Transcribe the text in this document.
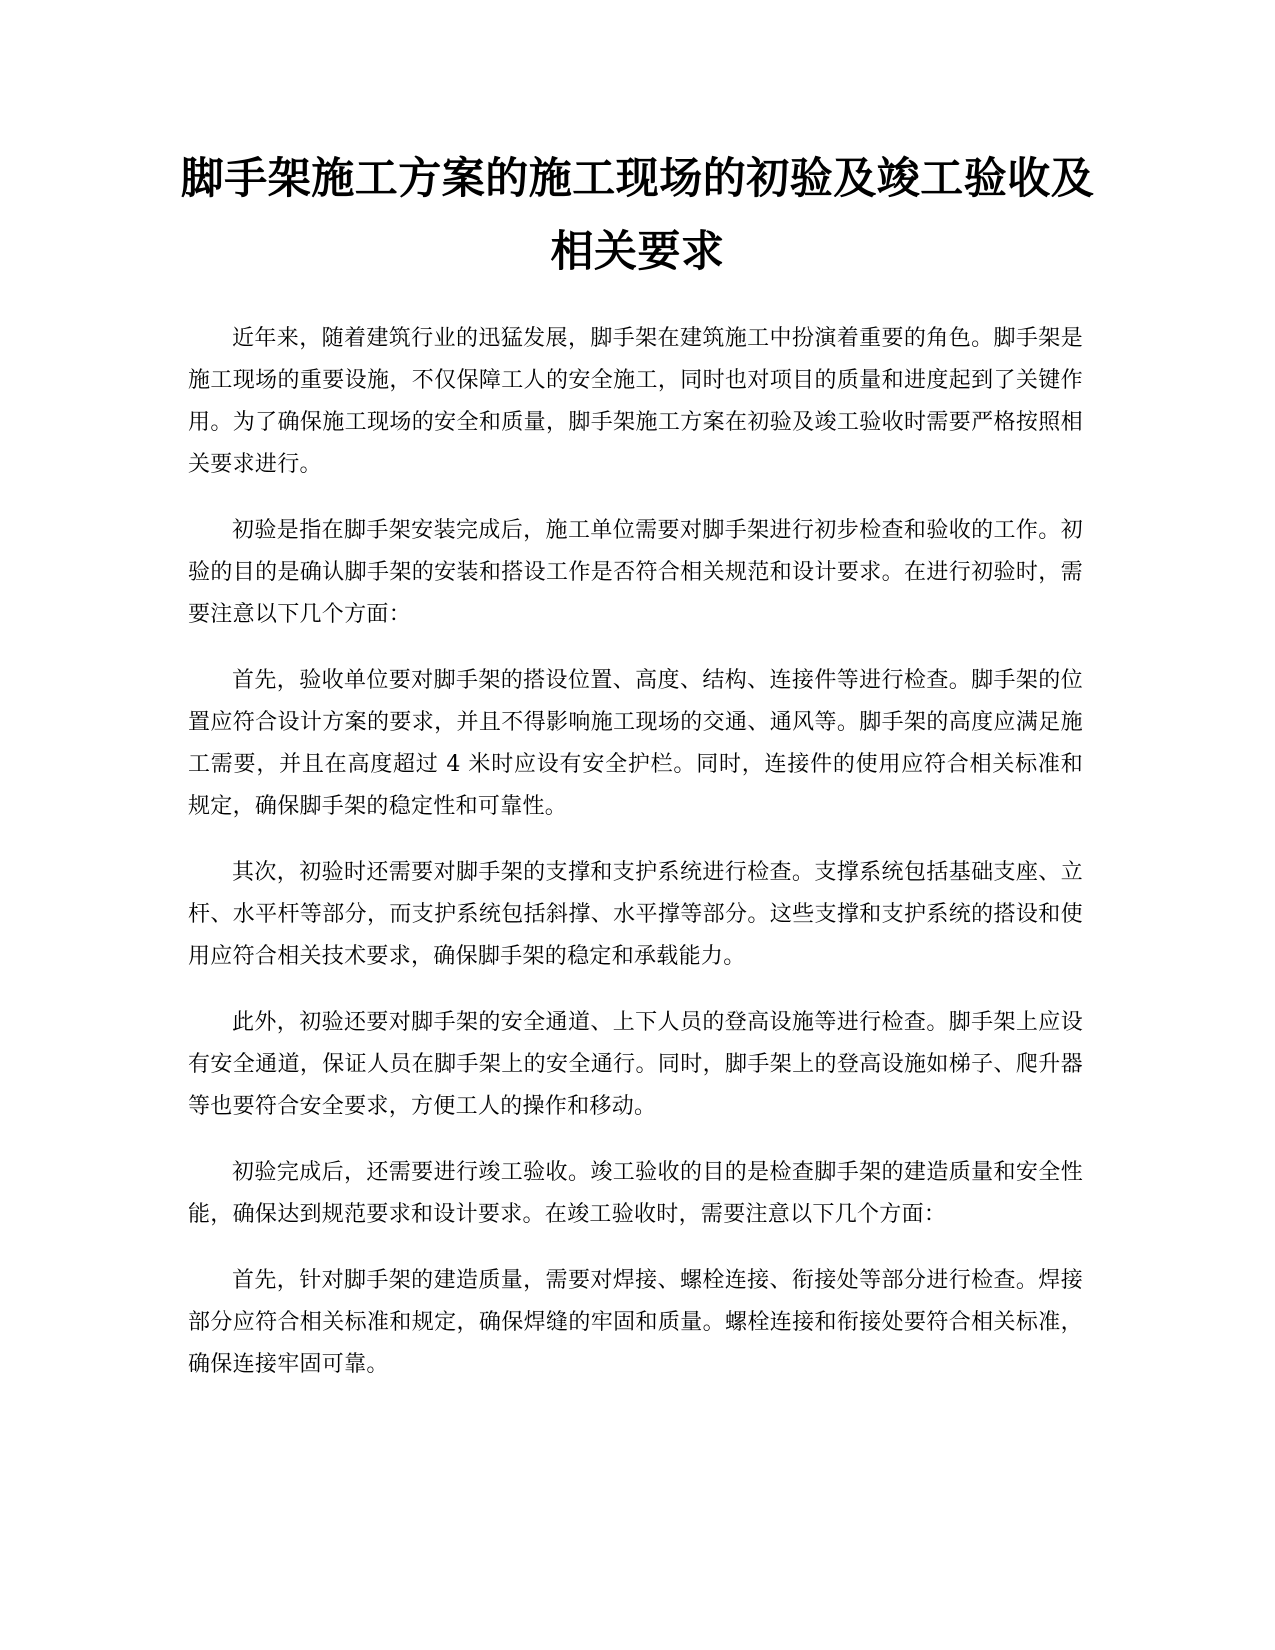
脚手架施工方案的施工现场的初验及竣工验收及相关要求

近年来，随着建筑行业的迅猛发展，脚手架在建筑施工中扮演着重要的角色。脚手架是施工现场的重要设施，不仅保障工人的安全施工，同时也对项目的质量和进度起到了关键作用。为了确保施工现场的安全和质量，脚手架施工方案在初验及竣工验收时需要严格按照相关要求进行。

初验是指在脚手架安装完成后，施工单位需要对脚手架进行初步检查和验收的工作。初验的目的是确认脚手架的安装和搭设工作是否符合相关规范和设计要求。在进行初验时，需要注意以下几个方面：

首先，验收单位要对脚手架的搭设位置、高度、结构、连接件等进行检查。脚手架的位置应符合设计方案的要求，并且不得影响施工现场的交通、通风等。脚手架的高度应满足施工需要，并且在高度超过 4 米时应设有安全护栏。同时，连接件的使用应符合相关标准和规定，确保脚手架的稳定性和可靠性。

其次，初验时还需要对脚手架的支撑和支护系统进行检查。支撑系统包括基础支座、立杆、水平杆等部分，而支护系统包括斜撑、水平撑等部分。这些支撑和支护系统的搭设和使用应符合相关技术要求，确保脚手架的稳定和承载能力。

此外，初验还要对脚手架的安全通道、上下人员的登高设施等进行检查。脚手架上应设有安全通道，保证人员在脚手架上的安全通行。同时，脚手架上的登高设施如梯子、爬升器等也要符合安全要求，方便工人的操作和移动。

初验完成后，还需要进行竣工验收。竣工验收的目的是检查脚手架的建造质量和安全性能，确保达到规范要求和设计要求。在竣工验收时，需要注意以下几个方面：

首先，针对脚手架的建造质量，需要对焊接、螺栓连接、衔接处等部分进行检查。焊接部分应符合相关标准和规定，确保焊缝的牢固和质量。螺栓连接和衔接处要符合相关标准，确保连接牢固可靠。
